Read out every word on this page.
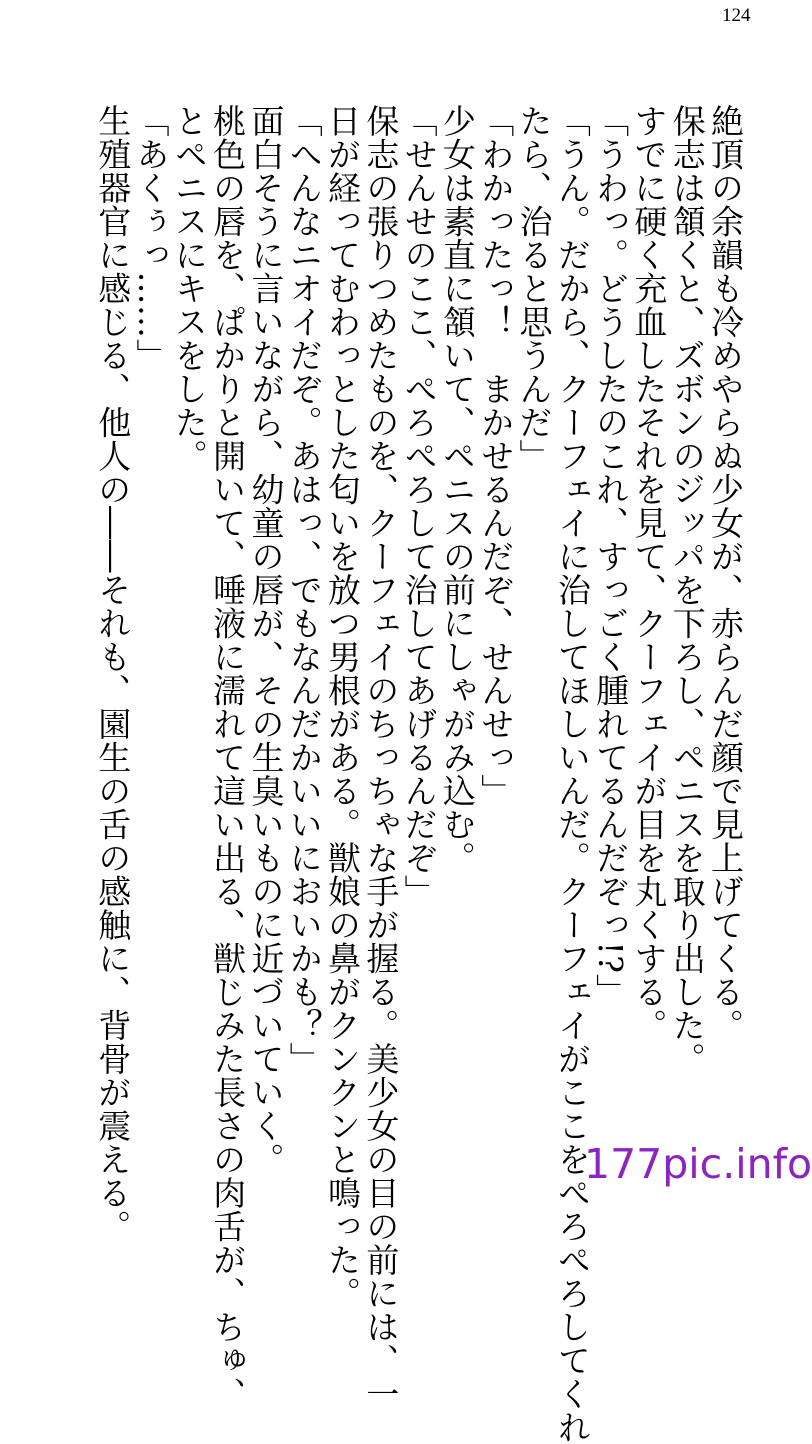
124
絶頂の余韻も冷めやらぬ少女が、赤らんだ顔で見上げてくる。
保志は頷くと、ズボンのジッパを下ろし、ペニスを取り出した。
すでに硬く充血したそれを見て、クーフェイが目を丸くする。
「うわっ。どうしたのこれ、すっごく腫れてるんだぞっ!?」
「うん。だから、クーフェイに治してほしいんだ。クーフェイがここをぺろぺろしてくれ
たら、治ると思うんだ」
「わかったっ！　まかせるんだぞ、せんせっ」
少女は素直に頷いて、ペニスの前にしゃがみ込む。
「せんせのここ、ぺろぺろして治してあげるんだぞ」
保志の張りつめたものを、クーフェイのちっちゃな手が握る。美少女の目の前には、一
日が経ってむわっとした匂いを放つ男根がある。獣娘の鼻がクンクンと鳴った。
「へんなニオイだぞ。あはっ、でもなんだかいいにおいかも？」
面白そうに言いながら、幼童の唇が、その生臭いものに近づいていく。
桃色の唇を、ぱかりと開いて、唾液に濡れて這い出る、獣じみた長さの肉舌が、ちゅ、
とペニスにキスをした。
「あくぅっ……」
生殖器官に感じる、他人の――それも、園生の舌の感触に、背骨が震える。	177pic.info
